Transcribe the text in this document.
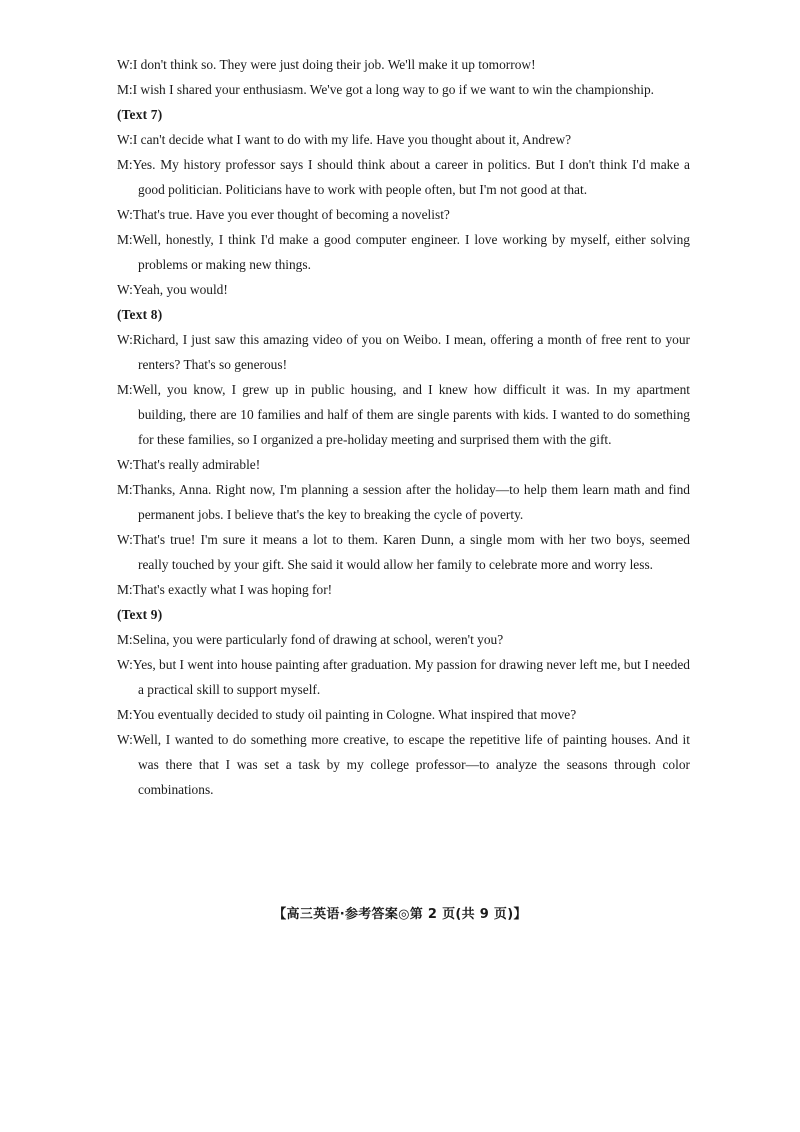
W:I don't think so. They were just doing their job. We'll make it up tomorrow!
M:I wish I shared your enthusiasm. We've got a long way to go if we want to win the championship.
(Text 7)
W:I can't decide what I want to do with my life. Have you thought about it, Andrew?
M:Yes. My history professor says I should think about a career in politics. But I don't think I'd make a good politician. Politicians have to work with people often, but I'm not good at that.
W:That's true. Have you ever thought of becoming a novelist?
M:Well, honestly, I think I'd make a good computer engineer. I love working by myself, either solving problems or making new things.
W:Yeah, you would!
(Text 8)
W:Richard, I just saw this amazing video of you on Weibo. I mean, offering a month of free rent to your renters? That's so generous!
M:Well, you know, I grew up in public housing, and I knew how difficult it was. In my apartment building, there are 10 families and half of them are single parents with kids. I wanted to do something for these families, so I organized a pre-holiday meeting and surprised them with the gift.
W:That's really admirable!
M:Thanks, Anna. Right now, I'm planning a session after the holiday—to help them learn math and find permanent jobs. I believe that's the key to breaking the cycle of poverty.
W:That's true! I'm sure it means a lot to them. Karen Dunn, a single mom with her two boys, seemed really touched by your gift. She said it would allow her family to celebrate more and worry less.
M:That's exactly what I was hoping for!
(Text 9)
M:Selina, you were particularly fond of drawing at school, weren't you?
W:Yes, but I went into house painting after graduation. My passion for drawing never left me, but I needed a practical skill to support myself.
M:You eventually decided to study oil painting in Cologne. What inspired that move?
W:Well, I wanted to do something more creative, to escape the repetitive life of painting houses. And it was there that I was set a task by my college professor—to analyze the seasons through color combinations.
【高三英语·参考答案◎第 2 页(共 9 页)】
